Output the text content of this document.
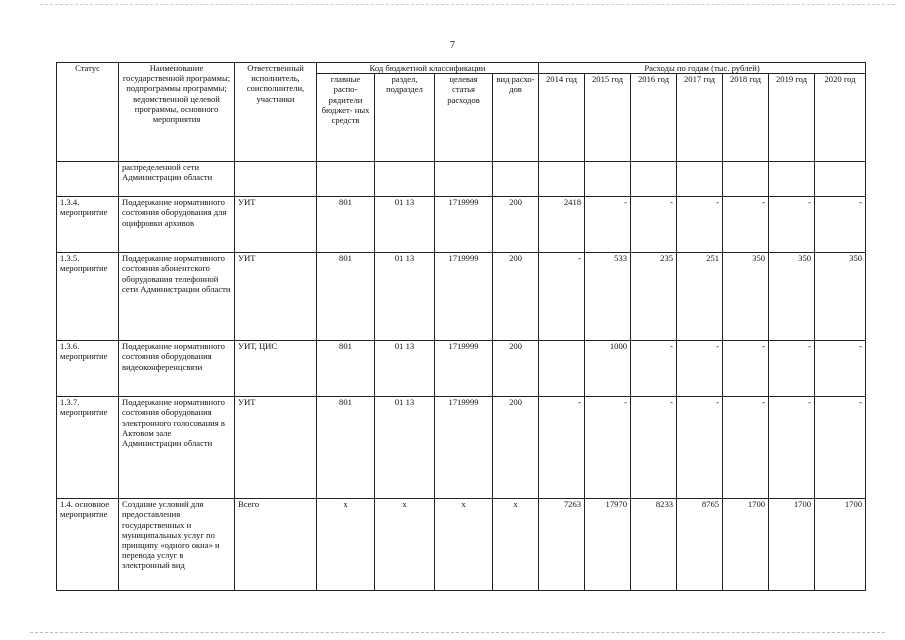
7
Статус	Наименование государственной программы; подпрограммы программы; ведомственной целевой программы, основного мероприятия	Ответственный исполнитель, соисполнители, участники	Код бюджетной классификации				Расходы по годам (тыс. рублей)						
			главные распо- рядители бюджет- ных средств	раздел, подраздел	целевая статья расходов	вид расхо- дов	2014 год	2015 год	2016 год	2017 год	2018 год	2019 год	2020 год
	распределенной сети Администрации области												
1.3.4. мероприятие	Поддержание нормативного состояния оборудования для оцифровки архивов	УИТ	801	01 13	1719999	200	2418	-	-	-	-	-	-
1.3.5. мероприятие	Поддержание нормативного состояния абонентского оборудования телефонной сети Администрации области	УИТ	801	01 13	1719999	200	-	533	235	251	350	350	350
1.3.6. мероприятие	Поддержание нормативного состояния оборудования видеоконференцсвязи	УИТ, ЦИС	801	01 13	1719999	200		1000	-	-	-	-	-
1.3.7. мероприятие	Поддержание нормативного состояния оборудования электронного голосования в Актовом зале Администрации области	УИТ	801	01 13	1719999	200	-	-	-	-	-	-	-
1.4. основное мероприятие	Создание условий для предоставления государственных и муниципальных услуг по принципу «одного окна» и перевода услуг в электронный вид	Всего	x	x	x	x	7263	17970	8233	8765	1700	1700	1700
